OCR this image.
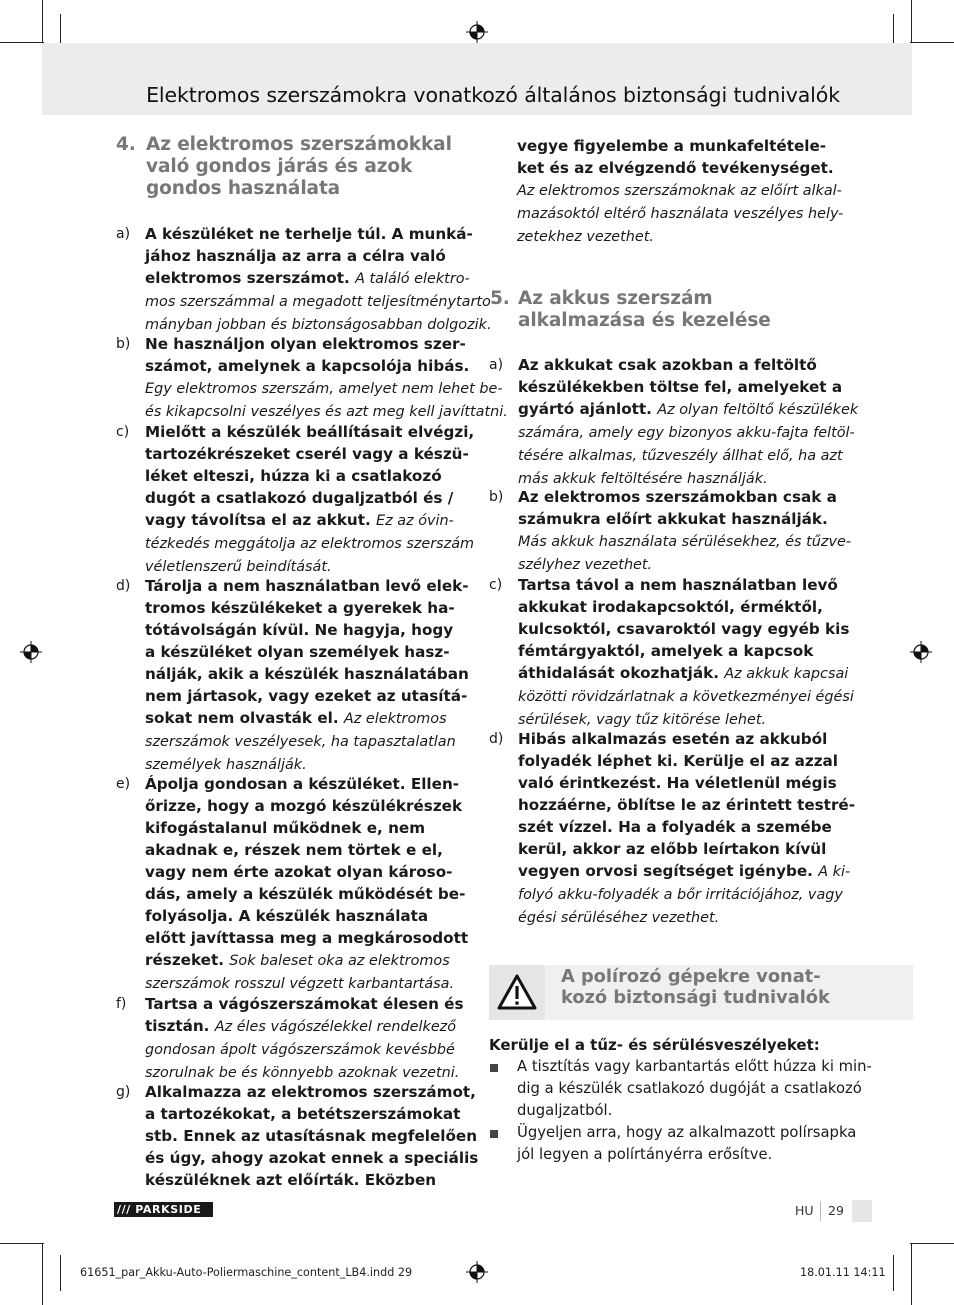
Elektromos szerszámokra vonatkozó általános biztonsági tudnivalók
4. Az elektromos szerszámokkal
való gondos járás és azok
gondos használata
a) A készüléket ne terhelje túl. A munká-
jához használja az arra a célra való
elektromos szerszámot. A találó elektro-
mos szerszámmal a megadott teljesítménytarto-
mányban jobban és biztonságosabban dolgozik.
b) Ne használjon olyan elektromos szer-
számot, amelynek a kapcsolója hibás.
Egy elektromos szerszám, amelyet nem lehet be-
és kikapcsolni veszélyes és azt meg kell javíttatni.
c) Mielőtt a készülék beállításait elvégzi,
tartozékrészeket cserél vagy a készü-
léket elteszi, húzza ki a csatlakozó
dugót a csatlakozó dugaljzatból és /
vagy távolítsa el az akkut. Ez az óvin-
tézkedés meggátolja az elektromos szerszám
véletlenszerű beindítását.
d) Tárolja a nem használatban levő elek-
tromos készülékeket a gyerekek ha-
tótávolságán kívül. Ne hagyja, hogy
a készüléket olyan személyek hasz-
nálják, akik a készülék használatában
nem jártasok, vagy ezeket az utasítá-
sokat nem olvasták el. Az elektromos
szerszámok veszélyesek, ha tapasztalatlan
személyek használják.
e) Ápolja gondosan a készüléket. Ellen-
őrizze, hogy a mozgó készülékrészek
kifogástalanul működnek e, nem
akadnak e, részek nem törtek e el,
vagy nem érte azokat olyan károso-
dás, amely a készülék működését be-
folyásolja. A készülék használata
előtt javíttassa meg a megkárosodott
részeket. Sok baleset oka az elektromos
szerszámok rosszul végzett karbantartása.
f) Tartsa a vágószerszámokat élesen és
tisztán. Az éles vágószélekkel rendelkező
gondosan ápolt vágószerszámok kevésbbé
szorulnak be és könnyebb azoknak vezetni.
g) Alkalmazza az elektromos szerszámot,
a tartozékokat, a betétszerszámokat
stb. Ennek az utasításnak megfelelően
és úgy, ahogy azokat ennek a speciális
készüléknek azt előírták. Eközben
vegye figyelembe a munkafeltétele-
ket és az elvégzendő tevékenységet.
Az elektromos szerszámoknak az előírt alkal-
mazásoktól eltérő használata veszélyes hely-
zetekhez vezethet.
5. Az akkus szerszám
alkalmazása és kezelése
a) Az akkukat csak azokban a feltöltő
készülékekben töltse fel, amelyeket a
gyártó ajánlott. Az olyan feltöltő készülékek
számára, amely egy bizonyos akku-fajta feltöl-
tésére alkalmas, tűzveszély állhat elő, ha azt
más akkuk feltöltésére használják.
b) Az elektromos szerszámokban csak a
számukra előírt akkukat használják.
Más akkuk használata sérülésekhez, és tűzve-
szélyhez vezethet.
c) Tartsa távol a nem használatban levő
akkukat irodakapcsoktól, érméktől,
kulcsoktól, csavaroktól vagy egyéb kis
fémtárgyaktól, amelyek a kapcsok
áthidalását okozhatják. Az akkuk kapcsai
közötti rövidzárlatnak a következményei égési
sérülések, vagy tűz kitörése lehet.
d) Hibás alkalmazás esetén az akkuból
folyadék léphet ki. Kerülje el az azzal
való érintkezést. Ha véletlenül mégis
hozzáérne, öblítse le az érintett testré-
szét vízzel. Ha a folyadék a szemébe
kerül, akkor az előbb leírtakon kívül
vegyen orvosi segítséget igénybe. A ki-
folyó akku-folyadék a bőr irritációjához, vagy
égési sérüléséhez vezethet.
A polírozó gépekre vonat-
kozó biztonsági tudnivalók
Kerülje el a tűz- és sérülésveszélyeket:
A tisztítás vagy karbantartás előtt húzza ki min-
dig a készülék csatlakozó dugóját a csatlakozó
dugaljzatból.
Ügyeljen arra, hogy az alkalmazott polírsapka
jól legyen a polírtányérra erősítve.
/// PARKSIDE	HU 29
61651_par_Akku-Auto-Poliermaschine_content_LB4.indd 29	18.01.11 14:11
